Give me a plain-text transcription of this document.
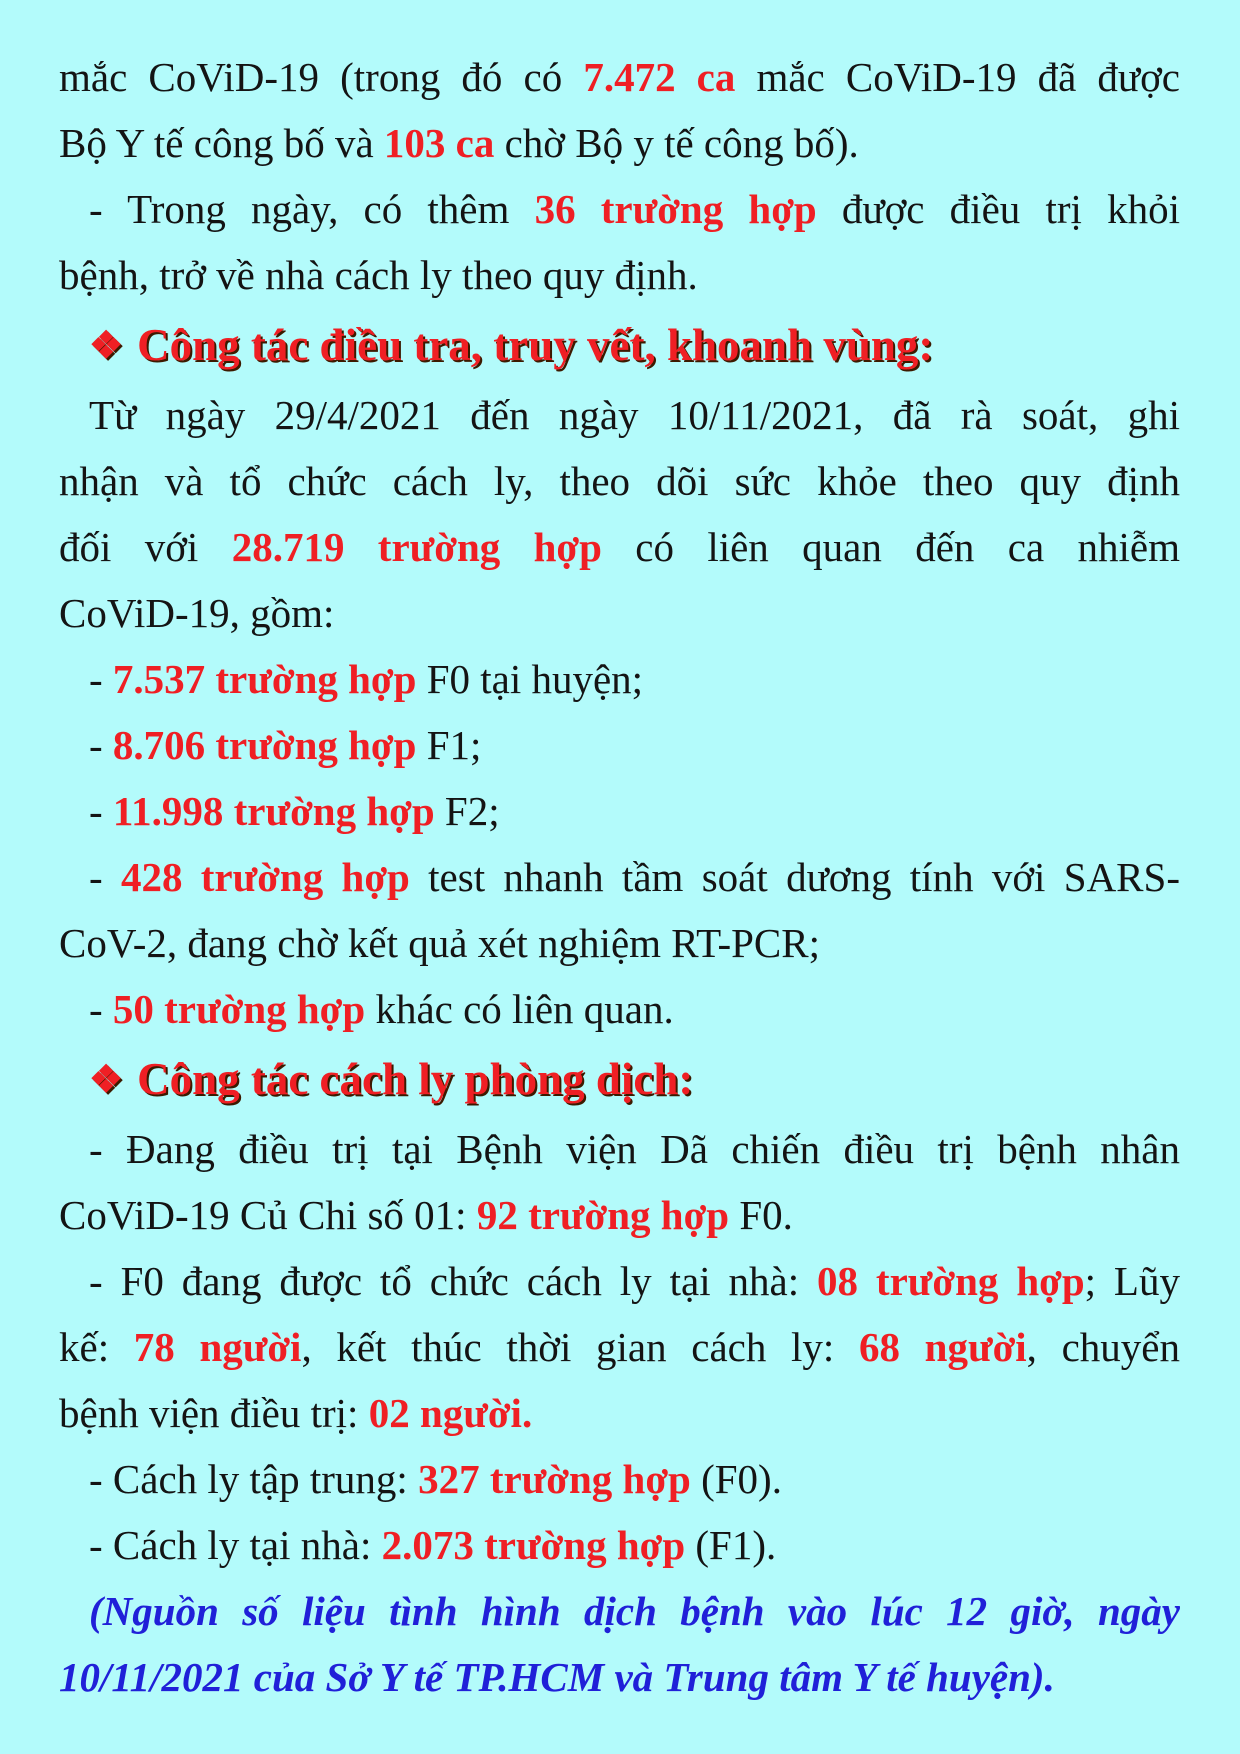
mắc CoViD-19 (trong đó có 7.472 ca mắc CoViD-19 đã được
Bộ Y tế công bố và 103 ca chờ Bộ y tế công bố).
- Trong ngày, có thêm 36 trường hợp được điều trị khỏi
bệnh, trở về nhà cách ly theo quy định.
❖ Công tác điều tra, truy vết, khoanh vùng:
Từ ngày 29/4/2021 đến ngày 10/11/2021, đã rà soát, ghi
nhận và tổ chức cách ly, theo dõi sức khỏe theo quy định
đối với 28.719 trường hợp có liên quan đến ca nhiễm
CoViD-19, gồm:
- 7.537 trường hợp F0 tại huyện;
- 8.706 trường hợp F1;
- 11.998 trường hợp F2;
- 428 trường hợp test nhanh tầm soát dương tính với SARS-
CoV-2, đang chờ kết quả xét nghiệm RT-PCR;
- 50 trường hợp khác có liên quan.
❖ Công tác cách ly phòng dịch:
- Đang điều trị tại Bệnh viện Dã chiến điều trị bệnh nhân
CoViD-19 Củ Chi số 01: 92 trường hợp F0.
- F0 đang được tổ chức cách ly tại nhà: 08 trường hợp; Lũy
kế: 78 người, kết thúc thời gian cách ly: 68 người, chuyển
bệnh viện điều trị: 02 người.
- Cách ly tập trung: 327 trường hợp (F0).
- Cách ly tại nhà: 2.073 trường hợp (F1).
(Nguồn số liệu tình hình dịch bệnh vào lúc 12 giờ, ngày
10/11/2021 của Sở Y tế TP.HCM và Trung tâm Y tế huyện).
